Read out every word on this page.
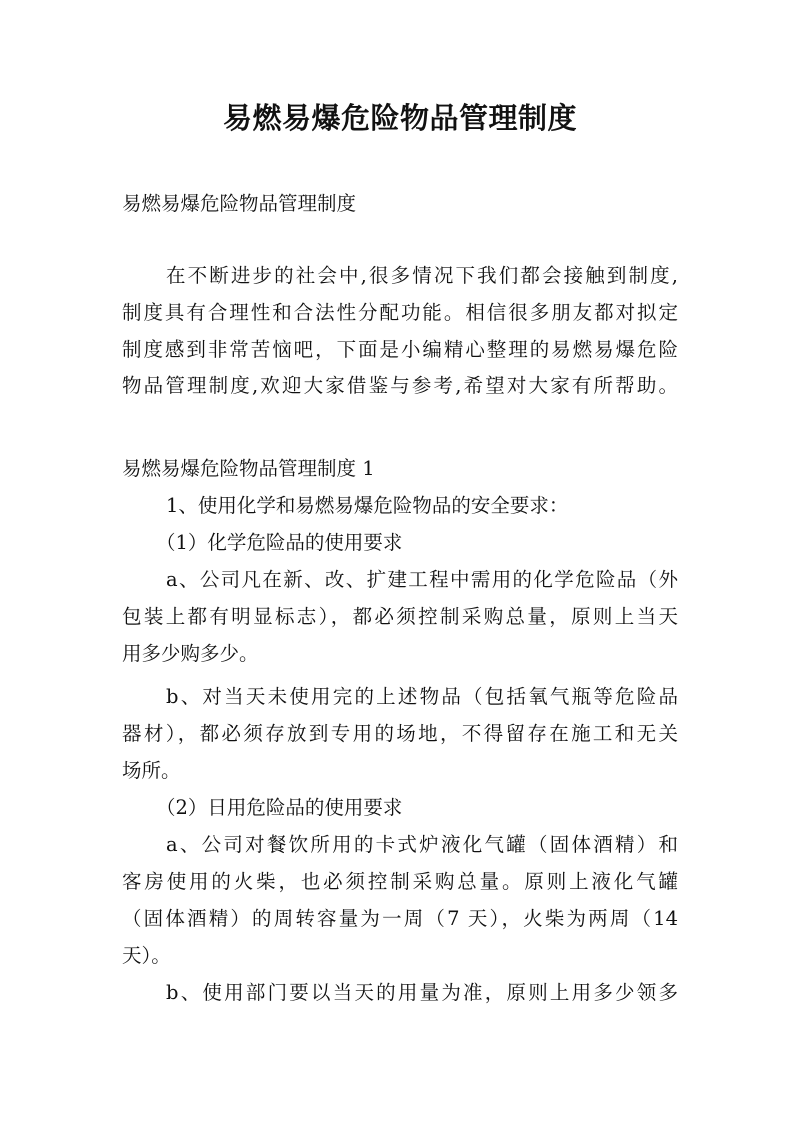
易燃易爆危险物品管理制度
易燃易爆危险物品管理制度
在不断进步的社会中,很多情况下我们都会接触到制度,
制度具有合理性和合法性分配功能。相信很多朋友都对拟定
制度感到非常苦恼吧，下面是小编精心整理的易燃易爆危险
物品管理制度,欢迎大家借鉴与参考,希望对大家有所帮助。
易燃易爆危险物品管理制度 1
1、使用化学和易燃易爆危险物品的安全要求：
（1）化学危险品的使用要求
a、公司凡在新、改、扩建工程中需用的化学危险品（外
包装上都有明显标志），都必须控制采购总量，原则上当天
用多少购多少。
b、对当天未使用完的上述物品（包括氧气瓶等危险品
器材），都必须存放到专用的场地，不得留存在施工和无关
场所。
（2）日用危险品的使用要求
a、公司对餐饮所用的卡式炉液化气罐（固体酒精）和
客房使用的火柴，也必须控制采购总量。原则上液化气罐
（固体酒精）的周转容量为一周（7 天），火柴为两周（14
天）。
b、使用部门要以当天的用量为准，原则上用多少领多
